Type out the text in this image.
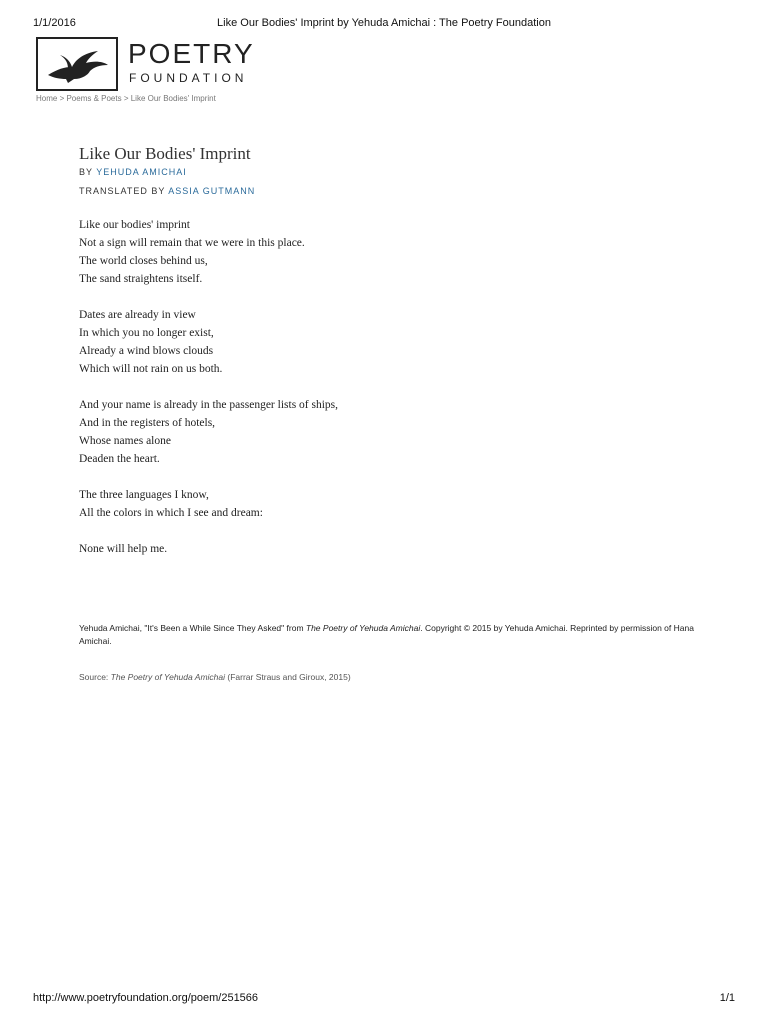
1/1/2016	Like Our Bodies' Imprint by Yehuda Amichai : The Poetry Foundation
POETRY
FOUNDATION
Home > Poems & Poets > Like Our Bodies' Imprint
Like Our Bodies' Imprint
BY YEHUDA AMICHAI
TRANSLATED BY ASSIA GUTMANN
Like our bodies' imprint
Not a sign will remain that we were in this place.
The world closes behind us,
The sand straightens itself.
Dates are already in view
In which you no longer exist,
Already a wind blows clouds
Which will not rain on us both.
And your name is already in the passenger lists of ships,
And in the registers of hotels,
Whose names alone
Deaden the heart.
The three languages I know,
All the colors in which I see and dream:
None will help me.
Yehuda Amichai, "It's Been a While Since They Asked" from The Poetry of Yehuda Amichai. Copyright © 2015 by Yehuda Amichai. Reprinted by permission of Hana Amichai.
Source: The Poetry of Yehuda Amichai (Farrar Straus and Giroux, 2015)
http://www.poetryfoundation.org/poem/251566	1/1
